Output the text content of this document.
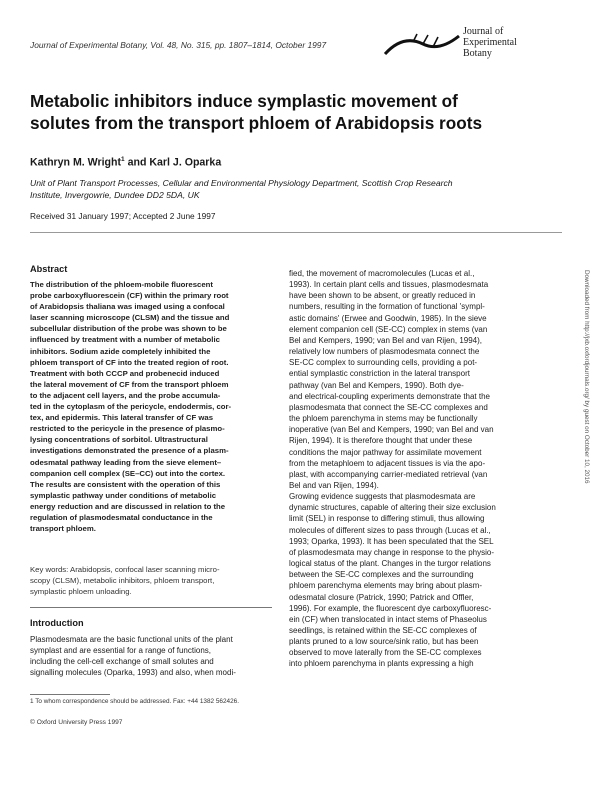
Journal of Experimental Botany, Vol. 48, No. 315, pp. 1807–1814, October 1997
Journal of
Experimental
Botany
Metabolic inhibitors induce symplastic movement of
solutes from the transport phloem of Arabidopsis roots
Kathryn M. Wright$^1$ and Karl J. Oparka
Unit of Plant Transport Processes, Cellular and Environmental Physiology Department, Scottish Crop Research
Institute, Invergowrie, Dundee DD2 5DA, UK
Received 31 January 1997; Accepted 2 June 1997
Abstract
The distribution of the phloem-mobile fluorescent
probe carboxyfluorescein (CF) within the primary root
of Arabidopsis thaliana was imaged using a confocal
laser scanning microscope (CLSM) and the tissue and
subcellular distribution of the probe was shown to be
influenced by treatment with a number of metabolic
inhibitors. Sodium azide completely inhibited the
phloem transport of CF into the treated region of root.
Treatment with both CCCP and probenecid induced
the lateral movement of CF from the transport phloem
to the adjacent cell layers, and the probe accumula-
ted in the cytoplasm of the pericycle, endodermis, cor-
tex, and epidermis. This lateral transfer of CF was
restricted to the pericycle in the presence of plasmo-
lysing concentrations of sorbitol. Ultrastructural
investigations demonstrated the presence of a plasm-
odesmatal pathway leading from the sieve element–
companion cell complex (SE–CC) out into the cortex.
The results are consistent with the operation of this
symplastic pathway under conditions of metabolic
energy reduction and are discussed in relation to the
regulation of plasmodesmatal conductance in the
transport phloem.
Key words: Arabidopsis, confocal laser scanning micro-
scopy (CLSM), metabolic inhibitors, phloem transport,
symplastic phloem unloading.
Introduction
Plasmodesmata are the basic functional units of the plant
symplast and are essential for a range of functions,
including the cell-cell exchange of small solutes and
signalling molecules (Oparka, 1993) and also, when modi-
1 To whom correspondence should be addressed. Fax: +44 1382 562426.
© Oxford University Press 1997
fied, the movement of macromolecules (Lucas et al.,
1993). In certain plant cells and tissues, plasmodesmata
have been shown to be absent, or greatly reduced in
numbers, resulting in the formation of functional 'sympl-
astic domains' (Erwee and Goodwin, 1985). In the sieve
element companion cell (SE-CC) complex in stems (van
Bel and Kempers, 1990; van Bel and van Rijen, 1994),
relatively low numbers of plasmodesmata connect the
SE-CC complex to surrounding cells, providing a pot-
ential symplastic constriction in the lateral transport
pathway (van Bel and Kempers, 1990). Both dye-
and electrical-coupling experiments demonstrate that the
plasmodesmata that connect the SE-CC complexes and
the phloem parenchyma in stems may be functionally
inoperative (van Bel and Kempers, 1990; van Bel and van
Rijen, 1994). It is therefore thought that under these
conditions the major pathway for assimilate movement
from the metaphloem to adjacent tissues is via the apo-
plast, with accompanying carrier-mediated retrieval (van
Bel and van Rijen, 1994).
Growing evidence suggests that plasmodesmata are
dynamic structures, capable of altering their size exclusion
limit (SEL) in response to differing stimuli, thus allowing
molecules of different sizes to pass through (Lucas et al.,
1993; Oparka, 1993). It has been speculated that the SEL
of plasmodesmata may change in response to the physio-
logical status of the plant. Changes in the turgor relations
between the SE-CC complexes and the surrounding
phloem parenchyma elements may bring about plasm-
odesmatal closure (Patrick, 1990; Patrick and Offler,
1996). For example, the fluorescent dye carboxyfluoresc-
ein (CF) when translocated in intact stems of Phaseolus
seedlings, is retained within the SE-CC complexes of
plants pruned to a low source/sink ratio, but has been
observed to move laterally from the SE-CC complexes
into phloem parenchyma in plants expressing a high
Downloaded from http://jxb.oxfordjournals.org/ by guest on October 10, 2016
